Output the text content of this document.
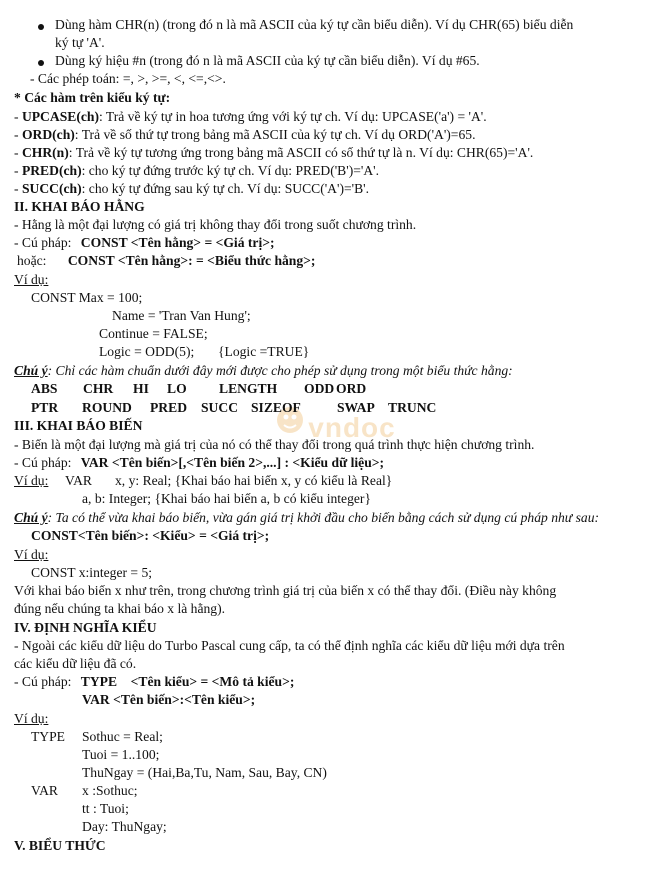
vndoc
Dùng hàm CHR(n) (trong đó n là mã ASCII của ký tự cần biểu diễn). Ví dụ CHR(65) biểu diễn
ký tự 'A'.
Dùng ký hiệu #n (trong đó n là mã ASCII của ký tự cần biểu diễn). Ví dụ #65.
- Các phép toán: =, >, >=, <, <=,<>.
* Các hàm trên kiểu ký tự:
- UPCASE(ch): Trả về ký tự in hoa tương ứng với ký tự ch. Ví dụ: UPCASE('a') = 'A'.
- ORD(ch): Trả về số thứ tự trong bảng mã ASCII của ký tự ch. Ví dụ ORD('A')=65.
- CHR(n): Trả về ký tự tương ứng trong bảng mã ASCII có số thứ tự là n. Ví dụ: CHR(65)='A'.
- PRED(ch): cho ký tự đứng trước ký tự ch. Ví dụ: PRED('B')='A'.
- SUCC(ch): cho ký tự đứng sau ký tự ch. Ví dụ: SUCC('A')='B'.
II. KHAI BÁO HẰNG
- Hằng là một đại lượng có giá trị không thay đổi trong suốt chương trình.
- Cú pháp: CONST <Tên hằng> = <Giá trị>;
hoặc: CONST <Tên hằng>: = <Biểu thức hằng>;
Ví dụ:
CONST Max = 100;
Name = 'Tran Van Hung';
Continue = FALSE;
Logic = ODD(5); {Logic =TRUE}
Chú ý: Chỉ các hàm chuẩn dưới đây mới được cho phép sử dụng trong một biểu thức hằng:
ABS CHR HI LO LENGTH ODD ORD
PTR ROUND PRED SUCC SIZEOF	SWAP TRUNC
III. KHAI BÁO BIẾN
- Biến là một đại lượng mà giá trị của nó có thể thay đổi trong quá trình thực hiện chương trình.
- Cú pháp: VAR <Tên biến>[,<Tên biến 2>,...] : <Kiểu dữ liệu>;
Ví dụ: VAR x, y: Real; {Khai báo hai biến x, y có kiểu là Real}
a, b: Integer; {Khai báo hai biến a, b có kiểu integer}
Chú ý: Ta có thể vừa khai báo biến, vừa gán giá trị khởi đầu cho biến bằng cách sử dụng cú pháp như sau:
CONST<Tên biến>: <Kiểu> = <Giá trị>;
Ví dụ:
CONST x:integer = 5;
Với khai báo biến x như trên, trong chương trình giá trị của biến x có thể thay đổi. (Điều này không
đúng nếu chúng ta khai báo x là hằng).
IV. ĐỊNH NGHĨA KIỂU
- Ngoài các kiểu dữ liệu do Turbo Pascal cung cấp, ta có thể định nghĩa các kiểu dữ liệu mới dựa trên
các kiểu dữ liệu đã có.
- Cú pháp: TYPE    <Tên kiểu> = <Mô tả kiểu>;
VAR <Tên biến>:<Tên kiểu>;
Ví dụ:
TYPE Sothuc = Real;
Tuoi = 1..100;
ThuNgay = (Hai,Ba,Tu, Nam, Sau, Bay, CN)
VAR x :Sothuc;
tt : Tuoi;
Day: ThuNgay;
V. BIỂU THỨC
